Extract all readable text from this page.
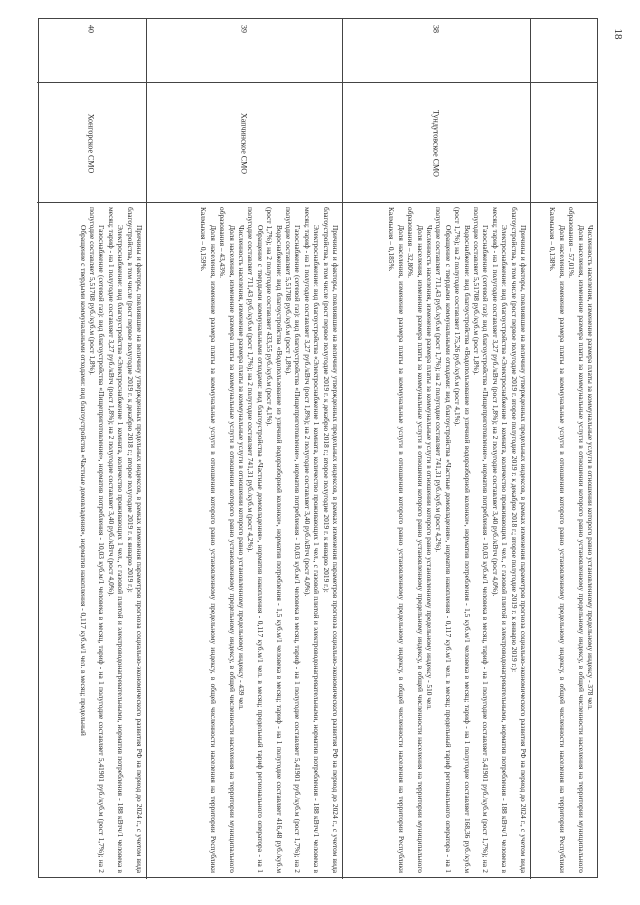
18

Численность населения, изменение размера платы за коммунальные услуги в отношении которого равно установленному предельному индексу - 378 чел.

Доля населения, изменение размера платы за коммунальные услуги в отношении которого равно установленному предельному индексу, в общей численности населения на территории муниципального образования – 57,01%.

Доля населения, изменение размера платы за коммунальные услуги в отношении которого равно установленному предельному индексу, в общей численности населения на территории Республики Калмыкия – 0,138%.

38
Тундутовское СМО

Причины и факторы, повлиявшие на величину утвержденных предельных индексов, в рамках изменения параметров прогноза социально-экономического развития РФ на период до 2024 г., с учетом вида благоустройства, в том числе (рост первое полугодие 2019 г. второе полугодие 2019 г. к декабрю 2018 г.; второе полугодие 2019 г. к январю 2019 г.):

Электроснабжение: вид благоустройства «Электроснабжение 1 комната, количество проживающих 1 чел., с газовой плитой и электроводонагревательными, норматив потребления - 188 кВтч/1 человека в месяц; тариф - на 1 полугодие составляет 3,27 руб./кВтч (рост 1,8%); на 2 полугодие составляет 3,40 руб./кВтч (рост 4,0%).

Газоснабжение (сетевой газ): вид благоустройства «Пищеприготовление», норматив потребления - 10,03 куб.м/1 человека в месяц, тариф - на 1 полугодие составляет 5,41901 руб./куб.м (рост 1,7%); на 2 полугодие составляет 5,51708 руб./куб.м (рост 1,8%).

Водоснабжение: вид благоустройства «Водопользование из уличной водоразборной колонки», норматив потребления - 1,5 куб.м/1 человека в месяц; тариф - на 1 полугодие составляет 168,36 руб./куб.м (рост 1,7%); на 2 полугодие составляет 175,26 руб./куб.м (рост 4,1%).

Обращение с твердыми коммунальными отходами: вид благоустройства «Частные домовладения», норматив накопления - 0,117 куб.м/1 чел. в месяц; предельный тариф регионального оператора - на 1 полугодие составляет 711,43 руб./куб.м (рост 1,7%); на 2 полугодие составляет 741,31 руб./куб.м (рост 4,2%).

Численность населения, изменение размера платы за коммунальные услуги в отношении которого равно установленному предельному индексу - 510 чел.

Доля населения, изменение размера платы за коммунальные услуги в отношении которого равно установленному предельному индексу, в общей численности населения на территории муниципального образования – 32,80%.

Доля населения, изменение размера платы за коммунальные услуги в отношении которого равно установленному предельному индексу, в общей численности населения на территории Республики Калмыкия – 0,185%.

39
Хапчинское СМО

Причины и факторы, повлиявшие на величину утвержденных предельных индексов, в рамках изменения параметров прогноза социально-экономического развития РФ на период до 2024 г., с учетом вида благоустройства, в том числе (рост первое полугодие 2019 г. к декабрю 2018 г.; второе полугодие 2019 г. к январю 2019 г.):

Электроснабжение: вид благоустройства «Электроснабжение 1 комната, количество проживающих 1 чел., с газовой плитой и электроводонагревательными, норматив потребления - 188 кВтч/1 человека в месяц; тариф - на 1 полугодие составляет 3,27 руб./кВтч (рост 1,8%); на 2 полугодие составляет 3,40 руб./кВтч (рост 4,0%).

Газоснабжение (сетевой газ): вид благоустройства «Пищеприготовление», норматив потребления - 10,03 куб.м/1 человека в месяц, тариф - на 1 полугодие составляет 5,41901 руб./куб.м (рост 1,7%); на 2 полугодие составляет 5,51708 руб./куб.м (рост 1,8%).

Водоснабжение: вид благоустройства «Водопользование из уличной водоразборной колонки», норматив потребления - 1,5 куб.м/1 человека в месяц; тариф - на 1 полугодие составляет 416,48 руб./куб.м (рост 1,7%); на 2 полугодие составляет 433,55 руб./куб.м (рост 4,1%).

Обращение с твердыми коммунальными отходами: вид благоустройства «Частные домовладения», норматив накопления - 0,117 куб.м/1 чел. в месяц; предельный тариф регионального оператора - на 1 полугодие составляет 711,43 руб./куб.м (рост 1,7%); на 2 полугодие составляет 741,31 руб./куб.м (рост 4,2%).

Численность населения, изменение размера платы за коммунальные услуги в отношении которого равно установленному предельному индексу - 439 чел.

Доля населения, изменение размера платы за коммунальные услуги в отношении которого равно установленному предельному индексу, в общей численности населения на территории муниципального образования – 43,43%.

Доля населения, изменение размера платы за коммунальные услуги в отношении которого равно установленному предельному индексу, в общей численности населения на территории Республики Калмыкия – 0,159%.

40
Хонгорское СМО

Причины и факторы, повлиявшие на величину утвержденных предельных индексов, в рамках изменения параметров прогноза социально-экономического развития РФ на период до 2024 г., с учетом вида благоустройства, в том числе (рост первое полугодие 2019 г. к декабрю 2018 г.; второе полугодие 2019 г. к январю 2019 г.):

Электроснабжение: вид благоустройства «Электроснабжение 1 комната, количество проживающих 1 чел., с газовой плитой и электроводонагревательными, норматив потребления - 188 кВтч/1 человека в месяц; тариф - на 1 полугодие составляет 3,27 руб./кВтч (рост 1,8%); на 2 полугодие составляет 3,40 руб./кВтч (рост 4,0%).

Газоснабжение (сетевой газ): вид благоустройства «Пищеприготовление», норматив потребления - 10,03 куб.м/1 человека в месяц, тариф - на 1 полугодие составляет 5,41901 руб./куб.м (рост 1,7%); на 2 полугодие составляет 5,51708 руб./куб.м (рост 1,8%).

Обращение с твердыми коммунальными отходами: вид благоустройства «Частные домовладения», норматив накопления - 0,117 куб.м/1 чел. в месяц; предельный
